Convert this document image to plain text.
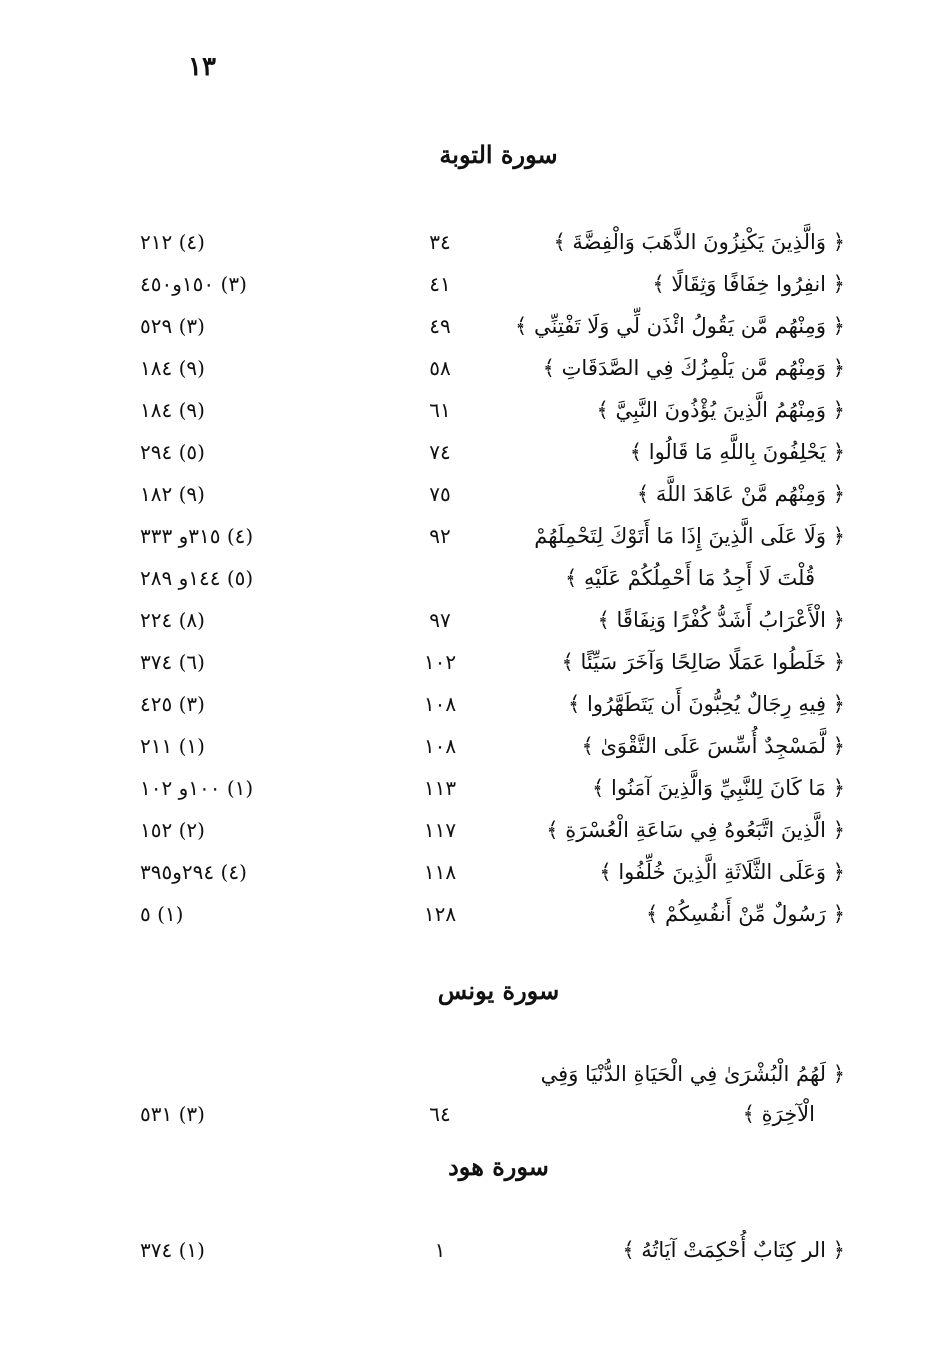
١٣
سورة التوبة
سورة يونس
سورة هود
﴿ وَالَّذِينَ يَكْنِزُونَ الذَّهَبَ وَالْفِضَّةَ ﴾
٣٤
(٤) ٢١٢
﴿ انفِرُوا خِفَافًا وَثِقَالًا ﴾
٤١
(٣) ١٥٠و٤٥٠
﴿ وَمِنْهُم مَّن يَقُولُ ائْذَن لِّي وَلَا تَفْتِنِّي ﴾
٤٩
(٣) ٥٢٩
﴿ وَمِنْهُم مَّن يَلْمِزُكَ فِي الصَّدَقَاتِ ﴾
٥٨
(٩) ١٨٤
﴿ وَمِنْهُمُ الَّذِينَ يُؤْذُونَ النَّبِيَّ ﴾
٦١
(٩) ١٨٤
﴿ يَحْلِفُونَ بِاللَّهِ مَا قَالُوا ﴾
٧٤
(٥) ٢٩٤
﴿ وَمِنْهُم مَّنْ عَاهَدَ اللَّهَ ﴾
٧٥
(٩) ١٨٢
﴿ وَلَا عَلَى الَّذِينَ إِذَا مَا أَتَوْكَ لِتَحْمِلَهُمْ
٩٢
(٤) ٣١٥و ٣٣٣
قُلْتَ لَا أَجِدُ مَا أَحْمِلُكُمْ عَلَيْهِ ﴾
(٥) ١٤٤و ٢٨٩
﴿ الْأَعْرَابُ أَشَدُّ كُفْرًا وَنِفَاقًا ﴾
٩٧
(٨) ٢٢٤
﴿ خَلَطُوا عَمَلًا صَالِحًا وَآخَرَ سَيِّئًا ﴾
١٠٢
(٦) ٣٧٤
﴿ فِيهِ رِجَالٌ يُحِبُّونَ أَن يَتَطَهَّرُوا ﴾
١٠٨
(٣) ٤٢٥
﴿ لَّمَسْجِدٌ أُسِّسَ عَلَى التَّقْوَىٰ ﴾
١٠٨
(١) ٢١١
﴿ مَا كَانَ لِلنَّبِيِّ وَالَّذِينَ آمَنُوا ﴾
١١٣
(١) ١٠٠و ١٠٢
﴿ الَّذِينَ اتَّبَعُوهُ فِي سَاعَةِ الْعُسْرَةِ ﴾
١١٧
(٢) ١٥٢
﴿ وَعَلَى الثَّلَاثَةِ الَّذِينَ خُلِّفُوا ﴾
١١٨
(٤) ٢٩٤و٣٩٥
﴿ رَسُولٌ مِّنْ أَنفُسِكُمْ ﴾
١٢٨
(١) ٥
﴿ لَهُمُ الْبُشْرَىٰ فِي الْحَيَاةِ الدُّنْيَا وَفِي
الْآخِرَةِ ﴾
٦٤
(٣) ٥٣١
﴿ الر كِتَابٌ أُحْكِمَتْ آيَاتُهُ ﴾
١
(١) ٣٧٤
